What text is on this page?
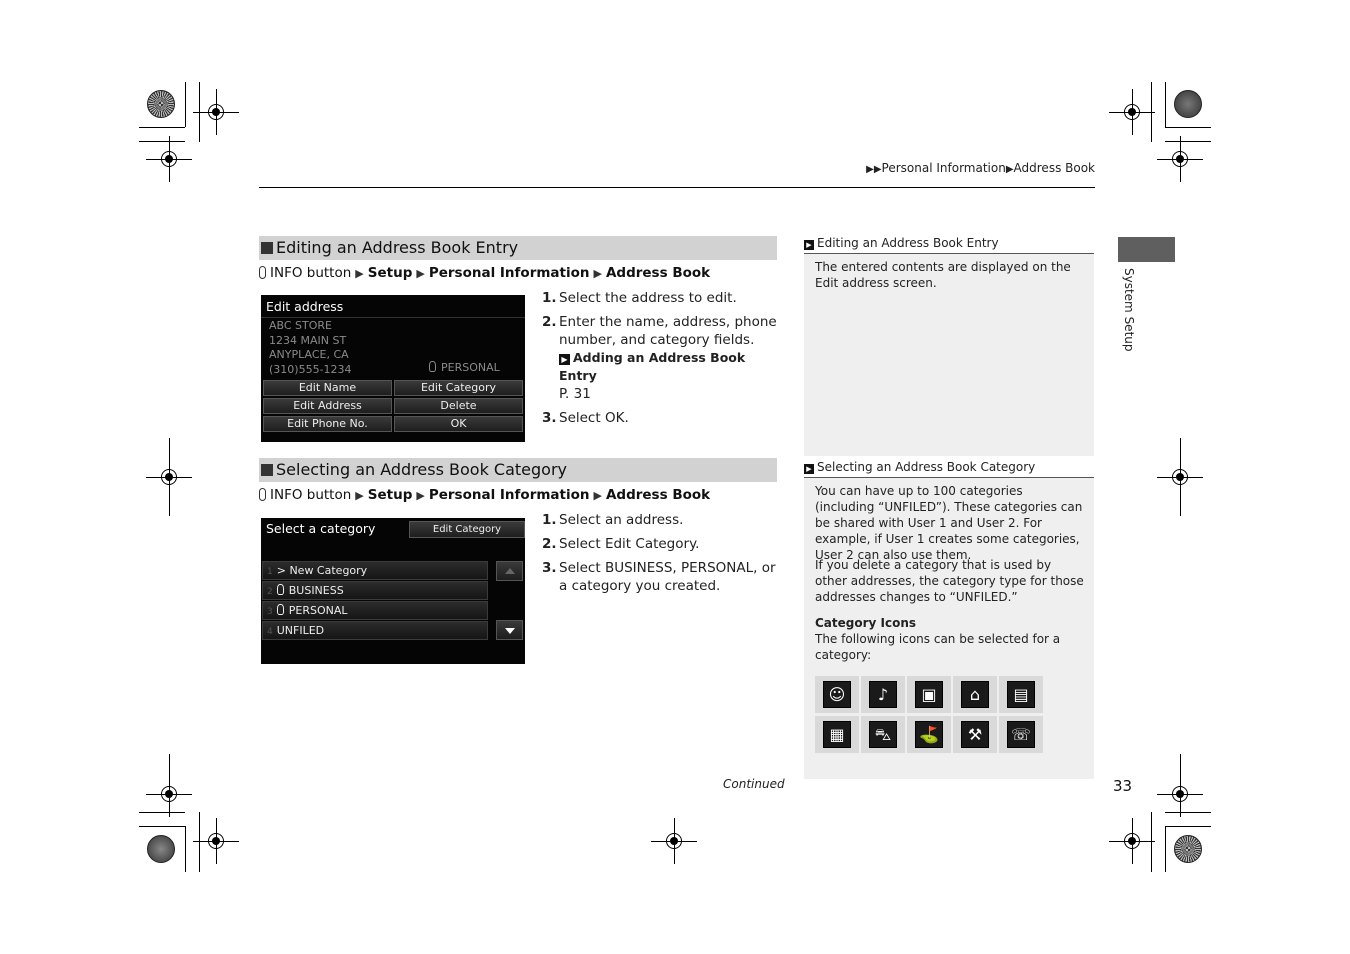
▶▶Personal Information▶Address Book
Editing an Address Book Entry
INFO button ▶ Setup ▶ Personal Information ▶ Address Book
Edit address
ABC STORE
1234 MAIN ST
ANYPLACE, CA
(310)555-1234	PERSONAL
Edit Name	Edit Category
Edit Address	Delete
Edit Phone No.	OK
1. Select the address to edit.
2. Enter the name, address, phone number, and category fields.
▶ Adding an Address Book Entry
P. 31
3. Select OK.
Selecting an Address Book Category
INFO button ▶ Setup ▶ Personal Information ▶ Address Book
Select a category	Edit Category
1 > New Category
2 BUSINESS
3 PERSONAL
4 UNFILED
1. Select an address.
2. Select Edit Category.
3. Select BUSINESS, PERSONAL, or a category you created.
▶ Editing an Address Book Entry
The entered contents are displayed on the Edit address screen.
▶ Selecting an Address Book Category
You can have up to 100 categories (including “UNFILED”). These categories can be shared with User 1 and User 2. For example, if User 1 creates some categories, User 2 can also use them.
If you delete a category that is used by other addresses, the category type for those addresses changes to “UNFILED.”
Category Icons
The following icons can be selected for a category:
☺	♪	▣	⌂	▤
▦	⛍	⛳	⚒	☏
System Setup
Continued	33
